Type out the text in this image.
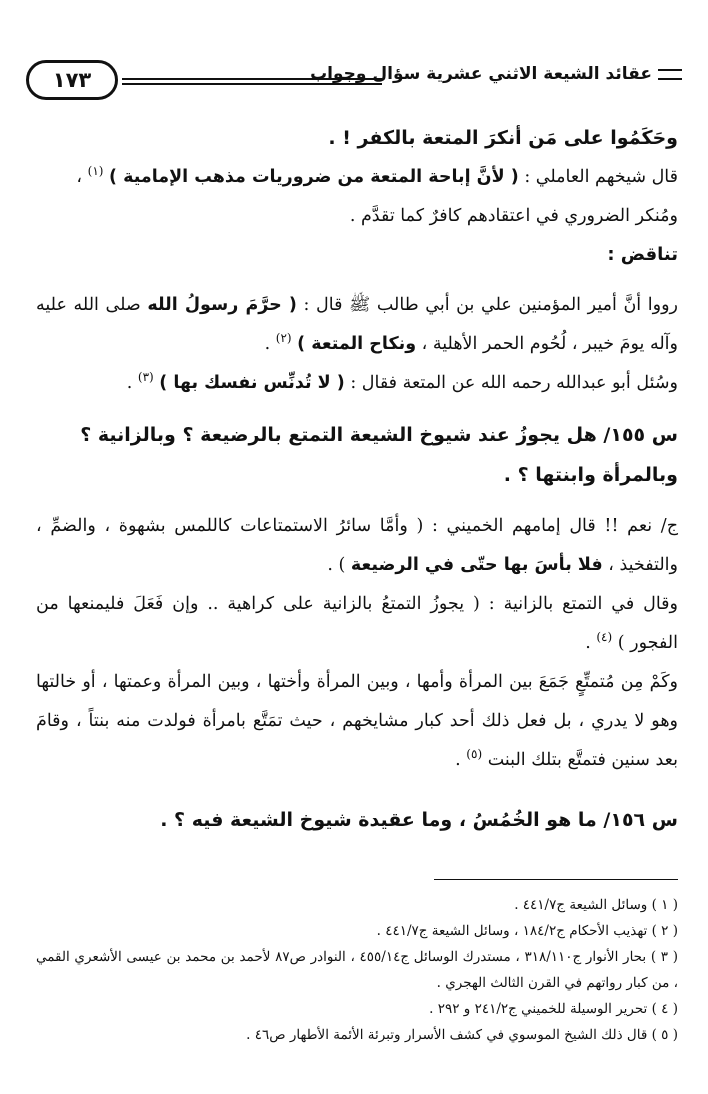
١٧٣	عقائد الشيعة الاثني عشرية سؤال وجواب

وحَكَمُوا على مَن أنكرَ المتعة بالكفر ! .

قال شيخهم العاملي : ( لأنَّ إباحة المتعة من ضروريات مذهب الإمامية ) $^{(١)}$ ،

ومُنكر الضروري في اعتقادهم كافرٌ كما تقدَّم .

تناقض :

رووا أنَّ أمير المؤمنين علي بن أبي طالب ﷺ قال : ( حرَّمَ رسولُ الله صلى الله عليه وآله يومَ خيبر ، لُحُوم الحمر الأهلية ، ونكاح المتعة ) $^{(٢)}$ .

وسُئل أبو عبدالله رحمه الله عن المتعة فقال : ( لا تُدنِّس نفسك بها ) $^{(٣)}$ .

س ١٥٥/ هل يجوزُ عند شيوخ الشيعة التمتع بالرضيعة ؟ وبالزانية ؟ وبالمرأة وابنتها ؟ .

ج/ نعم !! قال إمامهم الخميني : ( وأمَّا سائرُ الاستمتاعات كاللمس بشهوة ، والضمِّ ، والتفخيذ ، فلا بأسَ بها حتّى في الرضيعة ) .

وقال في التمتع بالزانية : ( يجوزُ التمتعُ بالزانية على كراهية .. وإن فَعَلَ فليمنعها من الفجور ) $^{(٤)}$ .

وكَمْ مِن مُتمتِّعٍ جَمَعَ بين المرأة وأمها ، وبين المرأة وأختها ، وبين المرأة وعمتها ، أو خالتها وهو لا يدري ، بل فعل ذلك أحد كبار مشايخهم ، حيث تمَتَّع بامرأة فولدت منه بنتاً ، وقامَ بعد سنين فتمتَّع بتلك البنت $^{(٥)}$ .

س ١٥٦/ ما هو الخُمُسُ ، وما عقيدة شيوخ الشيعة فيه ؟ .

( ١ ) وسائل الشيعة ج٤٤١/٧ .

( ٢ ) تهذيب الأحكام ج١٨٤/٢ ، وسائل الشيعة ج٤٤١/٧ .

( ٣ ) بحار الأنوار ج٣١٨/١١٠ ، مستدرك الوسائل ج٤٥٥/١٤ ، النوادر ص٨٧ لأحمد بن محمد بن عيسى الأشعري القمي ، من كبار رواتهم في القرن الثالث الهجري .

( ٤ ) تحرير الوسيلة للخميني ج٢٤١/٢ و ٢٩٢ .

( ٥ ) قال ذلك الشيخ الموسوي في كشف الأسرار وتبرئة الأئمة الأطهار ص٤٦ .
